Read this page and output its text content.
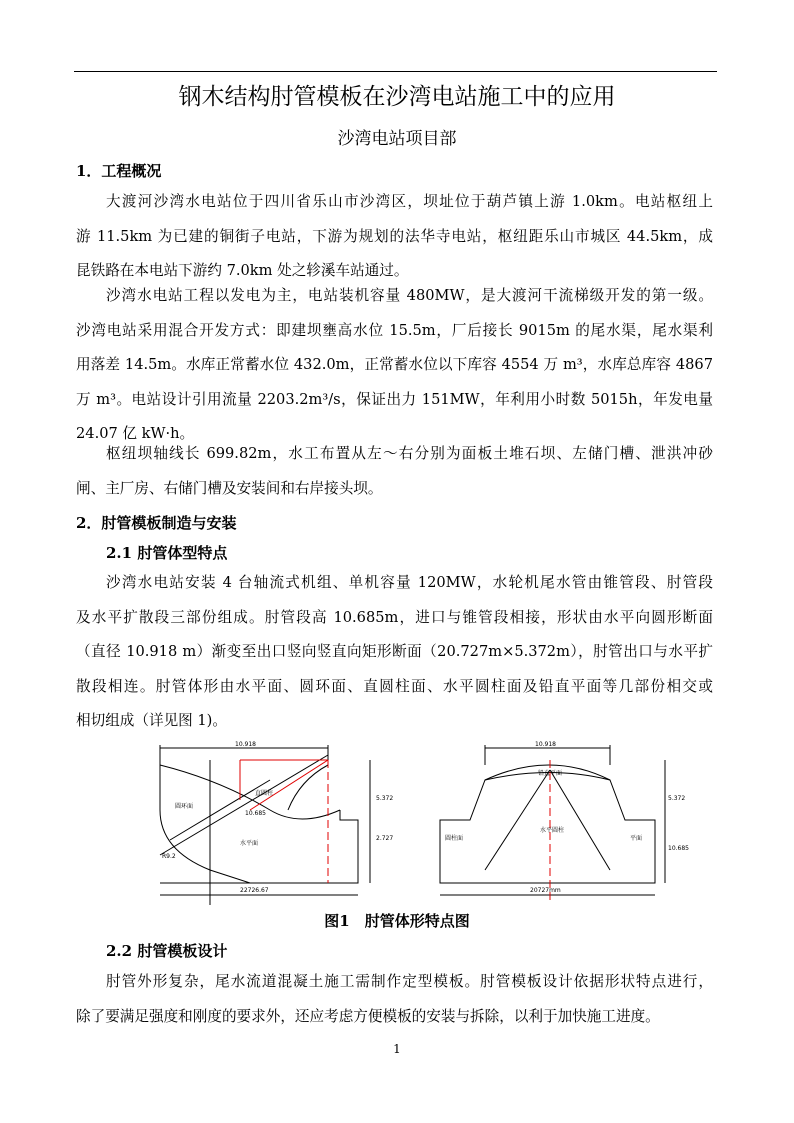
钢木结构肘管模板在沙湾电站施工中的应用
沙湾电站项目部
1．工程概况
大渡河沙湾水电站位于四川省乐山市沙湾区，坝址位于葫芦镇上游 1.0km。电站枢纽上
游 11.5km 为已建的铜街子电站，下游为规划的法华寺电站，枢纽距乐山市城区 44.5km，成
昆铁路在本电站下游约 7.0km 处之轸溪车站通过。
沙湾水电站工程以发电为主，电站装机容量 480MW，是大渡河干流梯级开发的第一级。
沙湾电站采用混合开发方式：即建坝壅高水位 15.5m，厂后接长 9015m 的尾水渠，尾水渠利
用落差 14.5m。水库正常蓄水位 432.0m，正常蓄水位以下库容 4554 万 m³，水库总库容 4867
万 m³。电站设计引用流量 2203.2m³/s，保证出力 151MW，年利用小时数 5015h，年发电量
24.07 亿 kW·h。
枢纽坝轴线长 699.82m，水工布置从左～右分别为面板土堆石坝、左储门槽、泄洪冲砂
闸、主厂房、右储门槽及安装间和右岸接头坝。
2．肘管模板制造与安装
2.1 肘管体型特点
沙湾水电站安装 4 台轴流式机组、单机容量 120MW，水轮机尾水管由锥管段、肘管段
及水平扩散段三部份组成。肘管段高 10.685m，进口与锥管段相接，形状由水平向圆形断面
（直径 10.918 m）渐变至出口竖向竖直向矩形断面（20.727m×5.372m），肘管出口与水平扩
散段相连。肘管体形由水平面、圆环面、直圆柱面、水平圆柱面及铅直平面等几部份相交或
相切组成（详见图 1)。
10.918
22726.67
5.372
2.727
R9.2
10.685
圆环面
直圆柱
水平面
10.918
20727mm
铅直平面
水平圆柱
5.372
10.685
圆柱面	平面
图1　肘管体形特点图
2.2 肘管模板设计
肘管外形复杂，尾水流道混凝土施工需制作定型模板。肘管模板设计依据形状特点进行，
除了要满足强度和刚度的要求外，还应考虑方便模板的安装与拆除，以利于加快施工进度。
1
